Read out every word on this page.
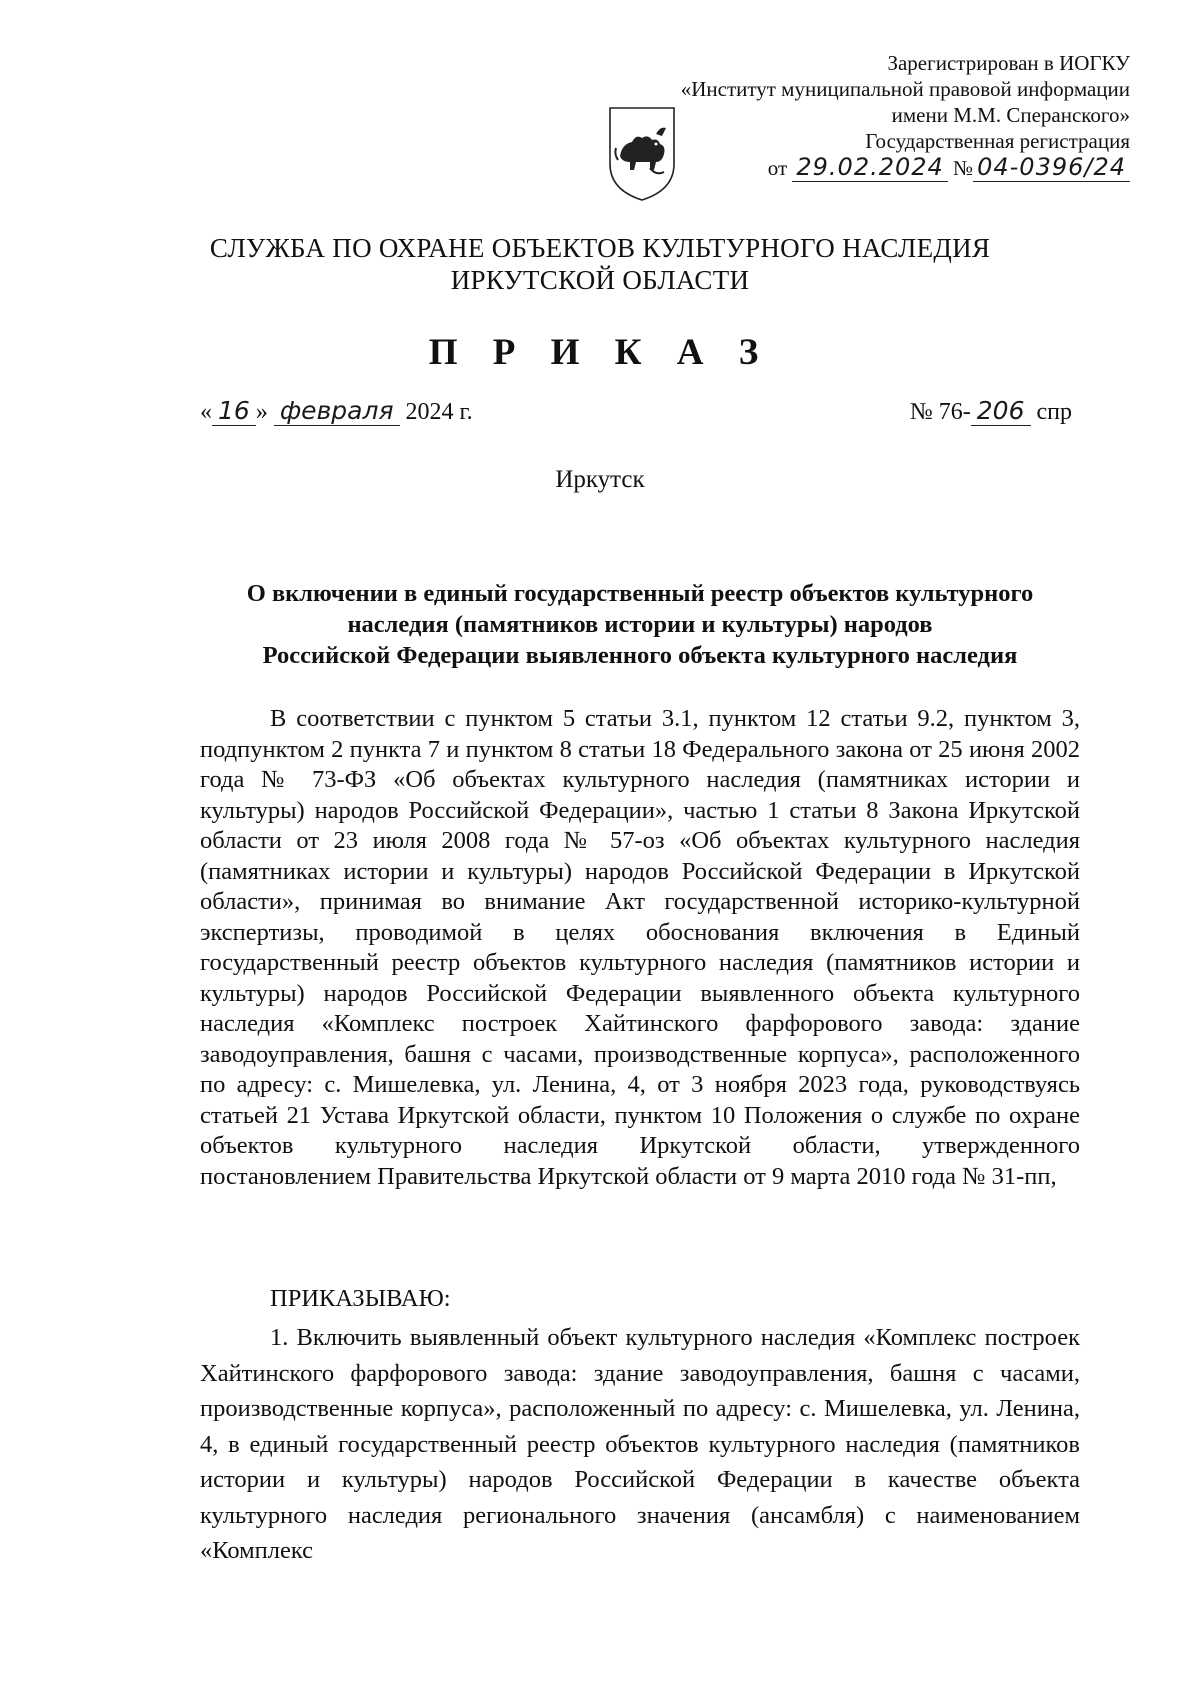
Зарегистрирован в ИОГКУ
«Институт муниципальной правовой информации
имени М.М. Сперанского»
Государственная регистрация
от 29.02.2024 № 04-0396/24
СЛУЖБА ПО ОХРАНЕ ОБЪЕКТОВ КУЛЬТУРНОГО НАСЛЕДИЯ
ИРКУТСКОЙ ОБЛАСТИ
П Р И К А З
« 16 » февраля 2024 г.	№ 76- 206 спр
Иркутск
О включении в единый государственный реестр объектов культурного
наследия (памятников истории и культуры) народов
Российской Федерации выявленного объекта культурного наследия

В соответствии с пунктом 5 статьи 3.1, пунктом 12 статьи 9.2, пунктом 3, подпунктом 2 пункта 7 и пунктом 8 статьи 18 Федерального закона от 25 июня 2002 года № 73-ФЗ «Об объектах культурного наследия (памятниках истории и культуры) народов Российской Федерации», частью 1 статьи 8 Закона Иркутской области от 23 июля 2008 года № 57-оз «Об объектах культурного наследия (памятниках истории и культуры) народов Российской Федерации в Иркутской области», принимая во внимание Акт государственной историко-культурной экспертизы, проводимой в целях обоснования включения в Единый государственный реестр объектов культурного наследия (памятников истории и культуры) народов Российской Федерации выявленного объекта культурного наследия «Комплекс построек Хайтинского фарфорового завода: здание заводоуправления, башня с часами, производственные корпуса», расположенного по адресу: с. Мишелевка, ул. Ленина, 4, от 3 ноября 2023 года, руководствуясь статьей 21 Устава Иркутской области, пунктом 10 Положения о службе по охране объектов культурного наследия Иркутской области, утвержденного постановлением Правительства Иркутской области от 9 марта 2010 года № 31-пп,

ПРИКАЗЫВАЮ:

1. Включить выявленный объект культурного наследия «Комплекс построек Хайтинского фарфорового завода: здание заводоуправления, башня с часами, производственные корпуса», расположенный по адресу: с. Мишелевка, ул. Ленина, 4, в единый государственный реестр объектов культурного наследия (памятников истории и культуры) народов Российской Федерации в качестве объекта культурного наследия регионального значения (ансамбля) с наименованием «Комплекс
